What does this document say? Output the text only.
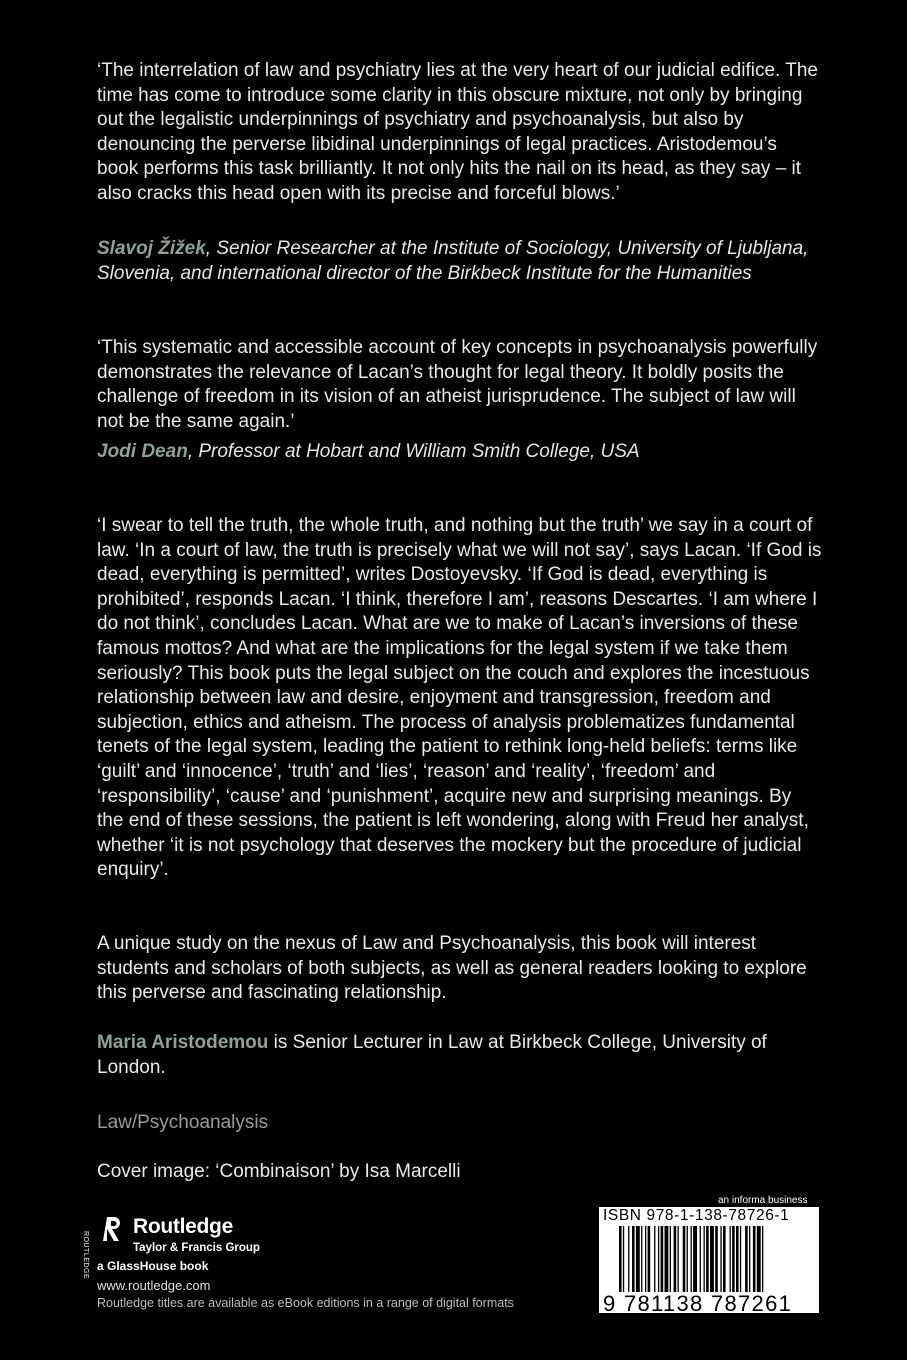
‘The interrelation of law and psychiatry lies at the very heart of our judicial edifice. The time has come to introduce some clarity in this obscure mixture, not only by bringing out the legalistic underpinnings of psychiatry and psychoanalysis, but also by denouncing the perverse libidinal underpinnings of legal practices. Aristodemou’s book performs this task brilliantly. It not only hits the nail on its head, as they say – it also cracks this head open with its precise and forceful blows.’

Slavoj Žižek, Senior Researcher at the Institute of Sociology, University of Ljubljana, Slovenia, and international director of the Birkbeck Institute for the Humanities

‘This systematic and accessible account of key concepts in psychoanalysis powerfully demonstrates the relevance of Lacan’s thought for legal theory. It boldly posits the challenge of freedom in its vision of an atheist jurisprudence. The subject of law will not be the same again.’

Jodi Dean, Professor at Hobart and William Smith College, USA

‘I swear to tell the truth, the whole truth, and nothing but the truth’ we say in a court of law. ‘In a court of law, the truth is precisely what we will not say’, says Lacan. ‘If God is dead, everything is permitted’, writes Dostoyevsky. ‘If God is dead, everything is prohibited’, responds Lacan. ‘I think, therefore I am’, reasons Descartes. ‘I am where I do not think’, concludes Lacan. What are we to make of Lacan’s inversions of these famous mottos? And what are the implications for the legal system if we take them seriously? This book puts the legal subject on the couch and explores the incestuous relationship between law and desire, enjoyment and transgression, freedom and subjection, ethics and atheism. The process of analysis problematizes fundamental tenets of the legal system, leading the patient to rethink long-held beliefs: terms like ‘guilt’ and ‘innocence’, ‘truth’ and ‘lies’, ‘reason’ and ‘reality’, ‘freedom’ and ‘responsibility’, ‘cause’ and ‘punishment’, acquire new and surprising meanings. By the end of these sessions, the patient is left wondering, along with Freud her analyst, whether ‘it is not psychology that deserves the mockery but the procedure of judicial enquiry’.

A unique study on the nexus of Law and Psychoanalysis, this book will interest students and scholars of both subjects, as well as general readers looking to explore this perverse and fascinating relationship.

Maria Aristodemou is Senior Lecturer in Law at Birkbeck College, University of London.

Law/Psychoanalysis

Cover image: ‘Combinaison’ by Isa Marcelli

ROUTLEDGE
Routledge
Taylor & Francis Group
a GlassHouse book
www.routledge.com
Routledge titles are available as eBook editions in a range of digital formats
an informa business
ISBN 978-1-138-78726-1
9 781138 787261
